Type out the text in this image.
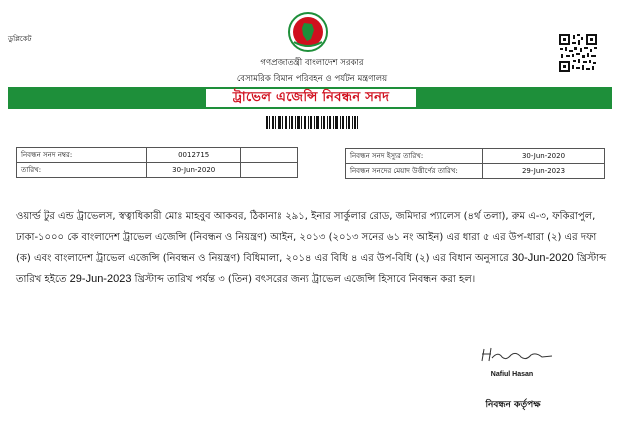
ডুপ্লিকেট
গণপ্রজাতন্ত্রী বাংলাদেশ সরকার
বেসামরিক বিমান পরিবহন ও পর্যটন মন্ত্রণালয়
ট্রাভেল এজেন্সি নিবন্ধন সনদ
নিবন্ধন সনদ নম্বর:	0012715	
তারিখ:	30-Jun-2020	
নিবন্ধন সনদ ইস্যুর তারিখ:	30-Jun-2020
নিবন্ধন সনদের মেয়াদ উত্তীর্ণের তারিখ:	29-Jun-2023
ওয়ার্ল্ড টুর এন্ড ট্রাভেলস, স্বত্বাধিকারী মোঃ মাহবুব আকবর, ঠিকানাঃ ২৯১, ইনার সার্কুলার রোড, জমিদার প্যালেস (৪র্থ তলা), রুম এ-৩, ফকিরাপুল, ঢাকা-১০০০ কে বাংলাদেশ ট্রাভেল এজেন্সি (নিবন্ধন ও নিয়ন্ত্রণ) আইন, ২০১৩ (২০১৩ সনের ৬১ নং আইন) এর ধারা ৫ এর উপ-ধারা (২) এর দফা (ক) এবং বাংলাদেশ ট্রাভেল এজেন্সি (নিবন্ধন ও নিয়ন্ত্রণ) বিধিমালা, ২০১৪ এর বিধি ৪ এর উপ-বিধি (২) এর বিধান অনুসারে 30-Jun-2020 খ্রিস্টাব্দ তারিখ হইতে 29-Jun-2023 খ্রিস্টাব্দ তারিখ পর্যন্ত ৩ (তিন) বৎসরের জন্য ট্রাভেল এজেন্সি হিসাবে নিবন্ধন করা হল।
Nafiul Hasan
নিবন্ধন কর্তৃপক্ষ
